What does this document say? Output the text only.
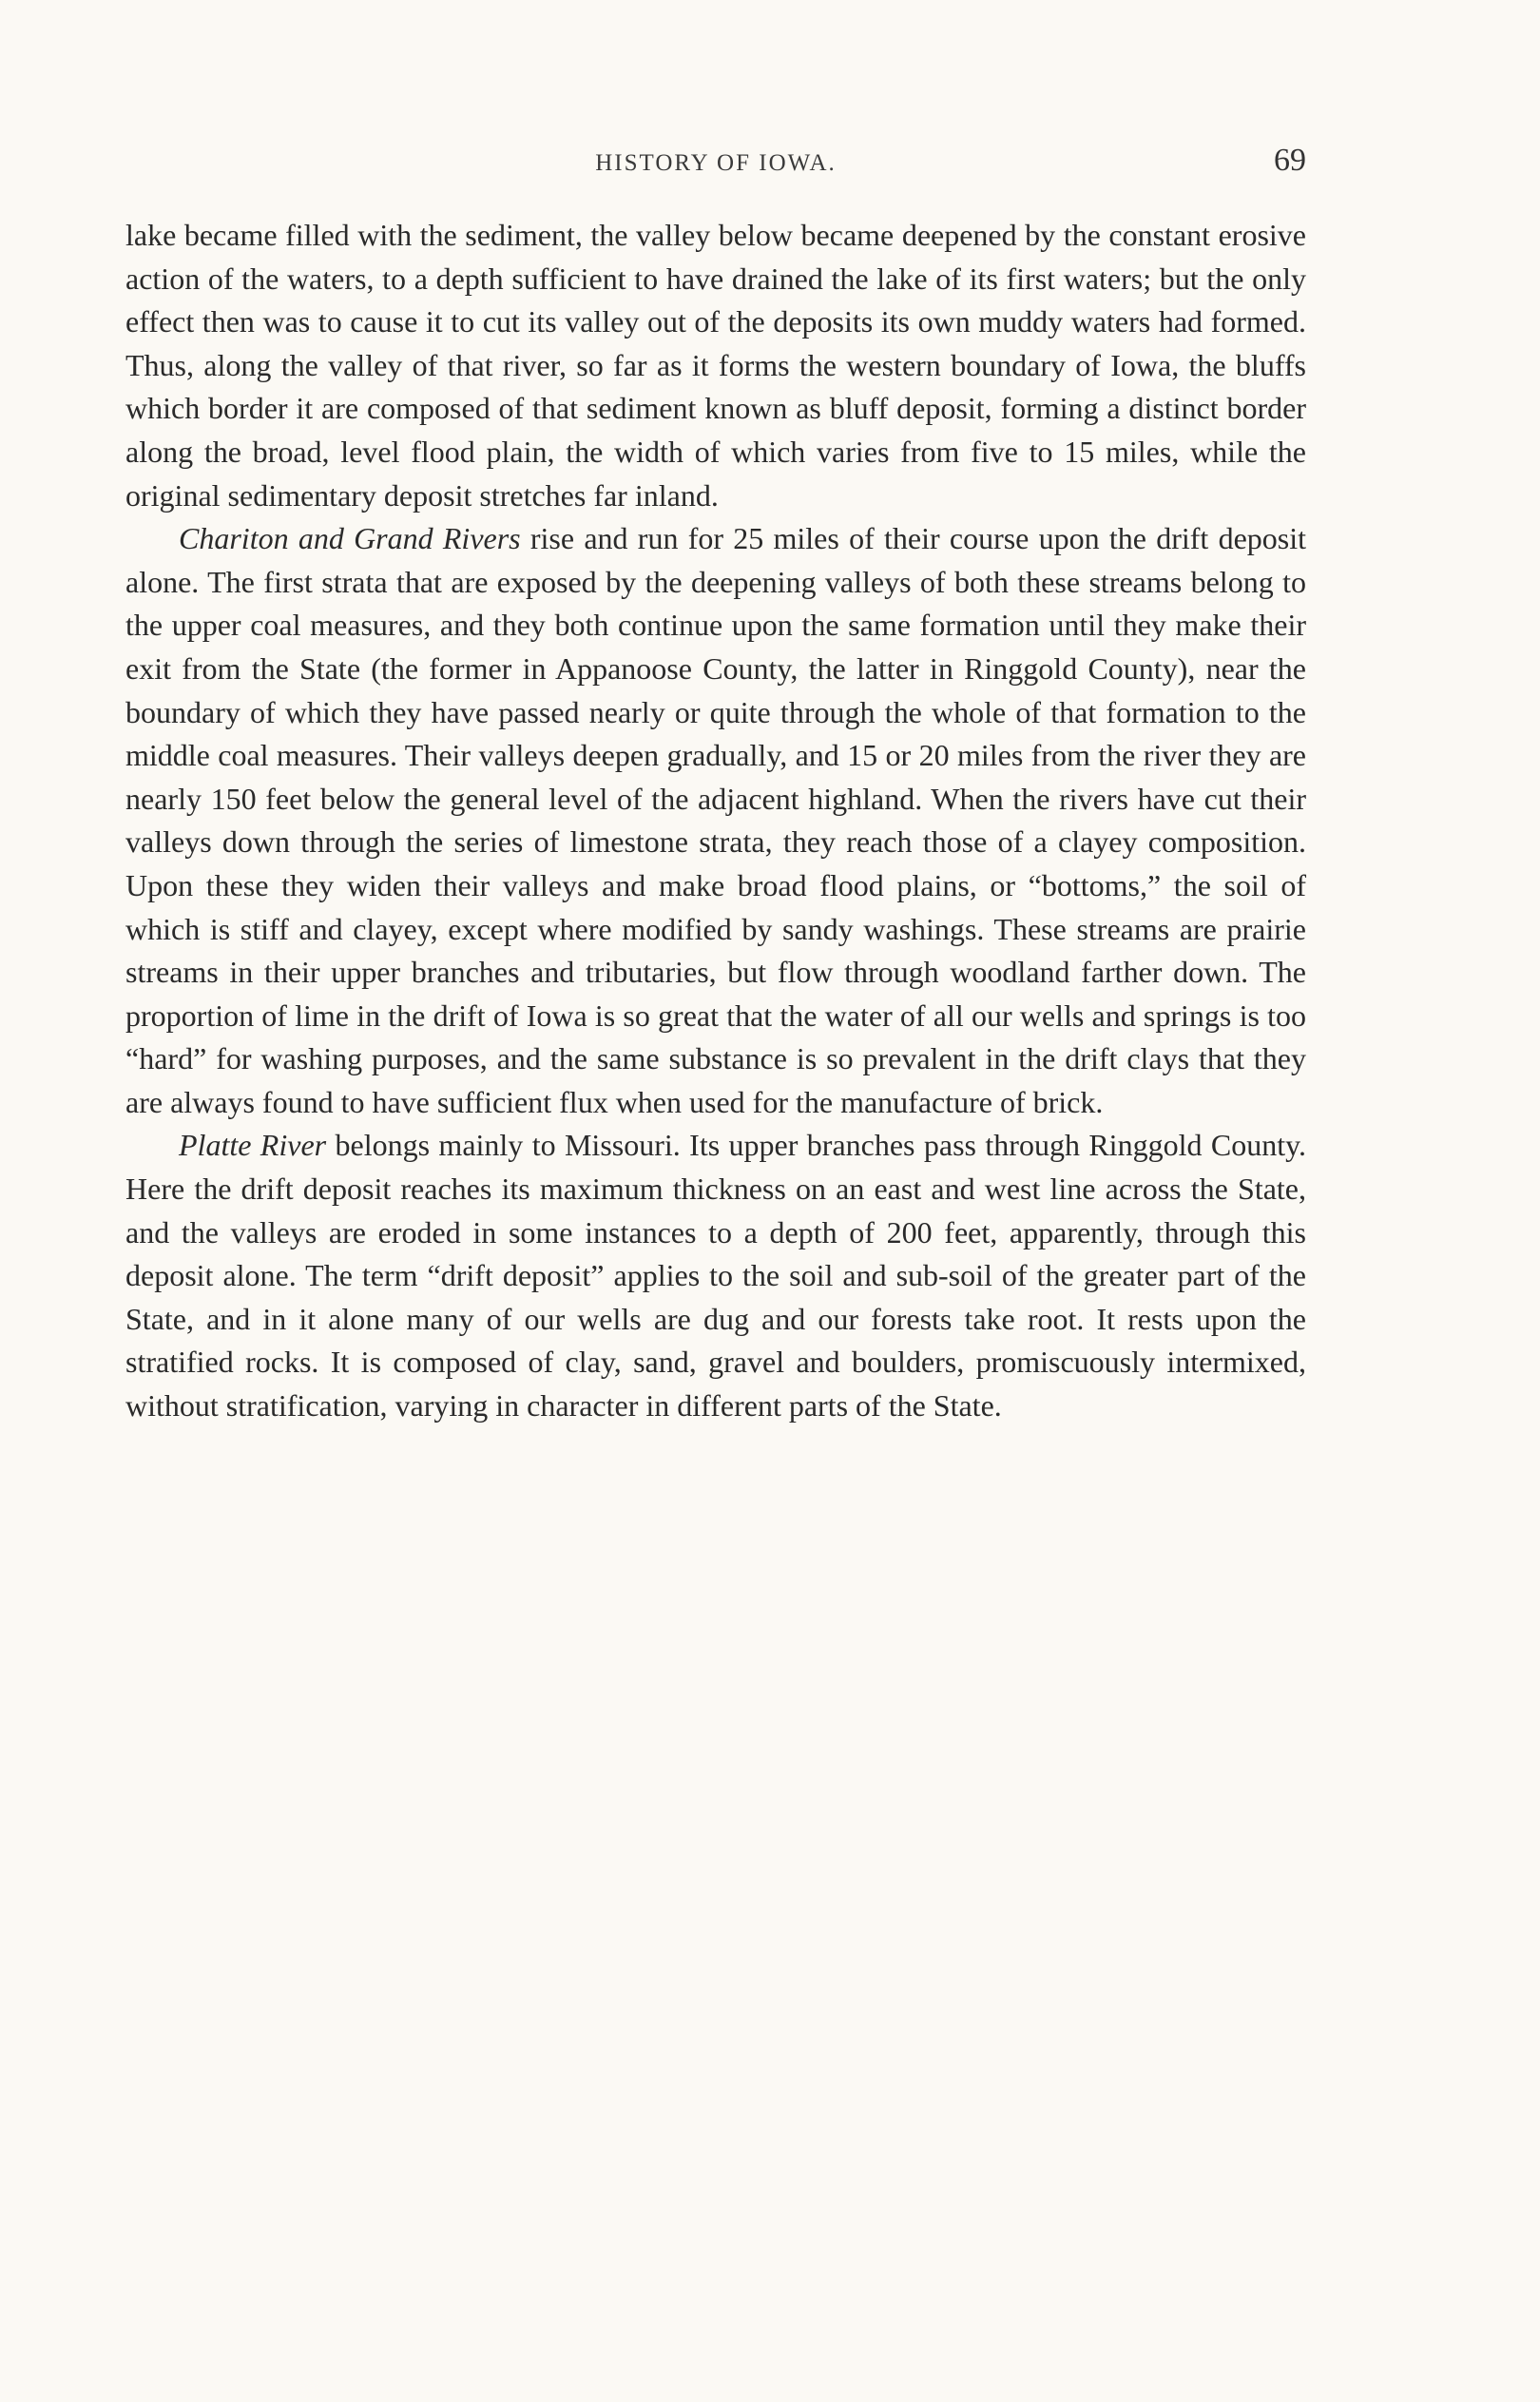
HISTORY OF IOWA.	69

lake became filled with the sediment, the valley below became deepened by the constant erosive action of the waters, to a depth sufficient to have drained the lake of its first waters; but the only effect then was to cause it to cut its valley out of the deposits its own muddy waters had formed. Thus, along the valley of that river, so far as it forms the western boundary of Iowa, the bluffs which border it are composed of that sediment known as bluff deposit, forming a distinct border along the broad, level flood plain, the width of which varies from five to 15 miles, while the original sedimentary deposit stretches far inland.

Chariton and Grand Rivers rise and run for 25 miles of their course upon the drift deposit alone. The first strata that are exposed by the deepening valleys of both these streams belong to the upper coal measures, and they both continue upon the same formation until they make their exit from the State (the former in Appanoose County, the latter in Ringgold County), near the boundary of which they have passed nearly or quite through the whole of that formation to the middle coal measures. Their valleys deepen gradually, and 15 or 20 miles from the river they are nearly 150 feet below the general level of the adjacent highland. When the rivers have cut their valleys down through the series of limestone strata, they reach those of a clayey composition. Upon these they widen their valleys and make broad flood plains, or “bottoms,” the soil of which is stiff and clayey, except where modified by sandy washings. These streams are prairie streams in their upper branches and tributaries, but flow through woodland farther down. The proportion of lime in the drift of Iowa is so great that the water of all our wells and springs is too “hard” for washing purposes, and the same substance is so prevalent in the drift clays that they are always found to have sufficient flux when used for the manufacture of brick.

Platte River belongs mainly to Missouri. Its upper branches pass through Ringgold County. Here the drift deposit reaches its maximum thickness on an east and west line across the State, and the valleys are eroded in some instances to a depth of 200 feet, apparently, through this deposit alone. The term “drift deposit” applies to the soil and sub-soil of the greater part of the State, and in it alone many of our wells are dug and our forests take root. It rests upon the stratified rocks. It is composed of clay, sand, gravel and boulders, promiscuously intermixed, without stratification, varying in character in different parts of the State.
